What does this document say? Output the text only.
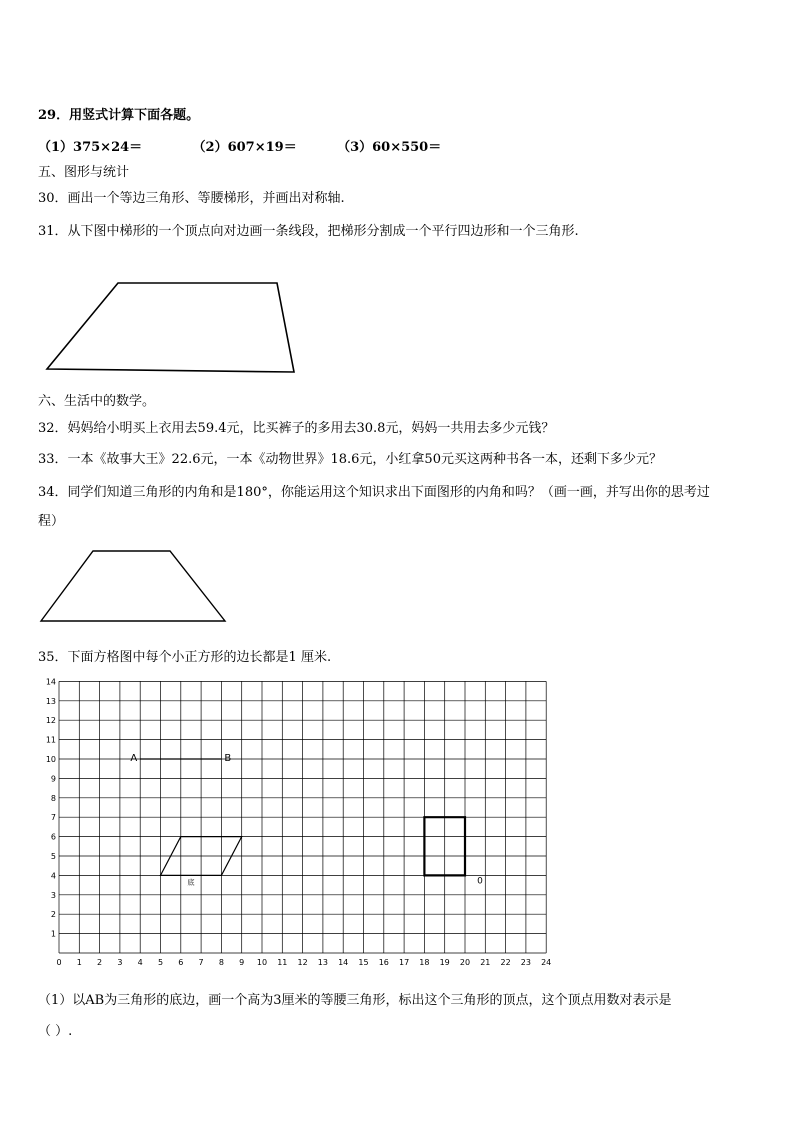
29．用竖式计算下面各题。
（1）375×24＝	（2）607×19＝	（3）60×550＝
五、图形与统计
30．画出一个等边三角形、等腰梯形，并画出对称轴.
31．从下图中梯形的一个顶点向对边画一条线段，把梯形分割成一个平行四边形和一个三角形.
六、生活中的数学。
32．妈妈给小明买上衣用去59.4元，比买裤子的多用去30.8元，妈妈一共用去多少元钱？
33．一本《故事大王》22.6元，一本《动物世界》18.6元，小红拿50元买这两种书各一本，还剩下多少元？
34．同学们知道三角形的内角和是180°，你能运用这个知识求出下面图形的内角和吗？（画一画，并写出你的思考过
程）
35．下面方格图中每个小正方形的边长都是1 厘米.
0 1 2 3 4 5 6 7 8 9 10 11 12 13 14 15 16 17 18 19 20 21 22 23 24
1
2
3
4
5
6
7
8
9
10
11
12
13
14
A	B
底	0
（1）以AB为三角形的底边，画一个高为3厘米的等腰三角形，标出这个三角形的顶点，这个顶点用数对表示是
（ ）.
